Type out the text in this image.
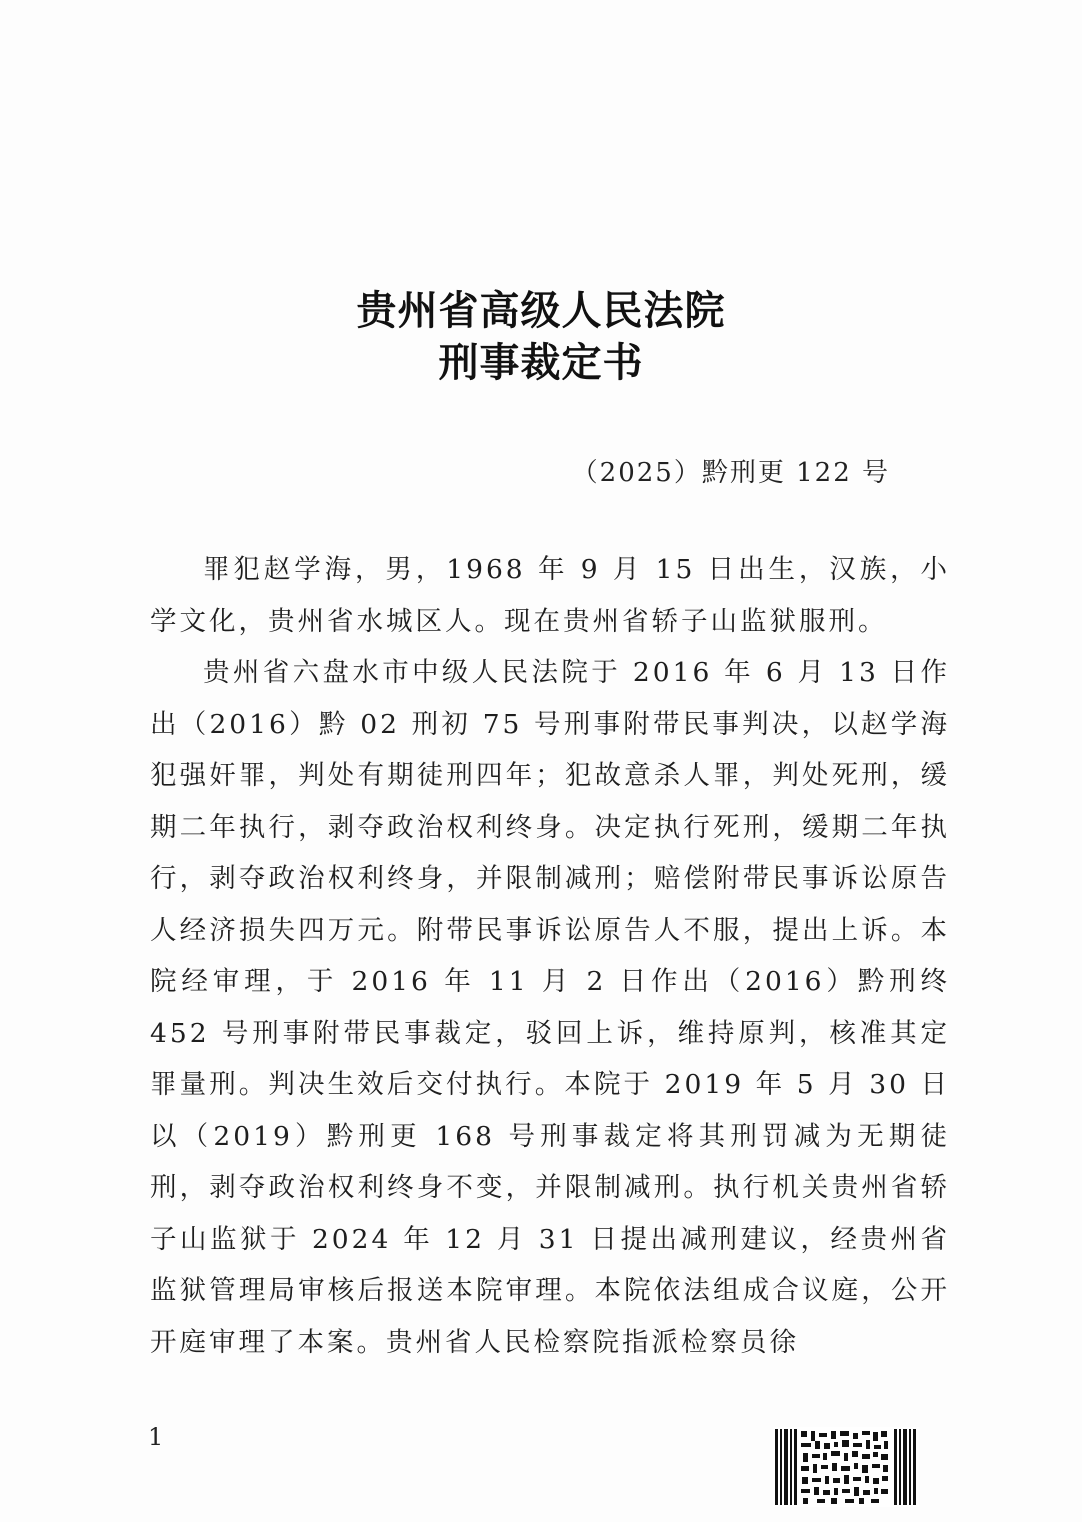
贵州省高级人民法院
刑事裁定书
（2025）黔刑更 122 号

罪犯赵学海，男，1968 年 9 月 15 日出生，汉族，小学文化，贵州省水城区人。现在贵州省轿子山监狱服刑。

贵州省六盘水市中级人民法院于 2016 年 6 月 13 日作出（2016）黔 02 刑初 75 号刑事附带民事判决，以赵学海犯强奸罪，判处有期徒刑四年；犯故意杀人罪，判处死刑，缓期二年执行，剥夺政治权利终身。决定执行死刑，缓期二年执行，剥夺政治权利终身，并限制减刑；赔偿附带民事诉讼原告人经济损失四万元。附带民事诉讼原告人不服，提出上诉。本院经审理，于 2016 年 11 月 2 日作出（2016）黔刑终 452 号刑事附带民事裁定，驳回上诉，维持原判，核准其定罪量刑。判决生效后交付执行。本院于 2019 年 5 月 30 日以（2019）黔刑更 168 号刑事裁定将其刑罚减为无期徒刑，剥夺政治权利终身不变，并限制减刑。执行机关贵州省轿子山监狱于 2024 年 12 月 31 日提出减刑建议，经贵州省监狱管理局审核后报送本院审理。本院依法组成合议庭，公开开庭审理了本案。贵州省人民检察院指派检察员徐

1
